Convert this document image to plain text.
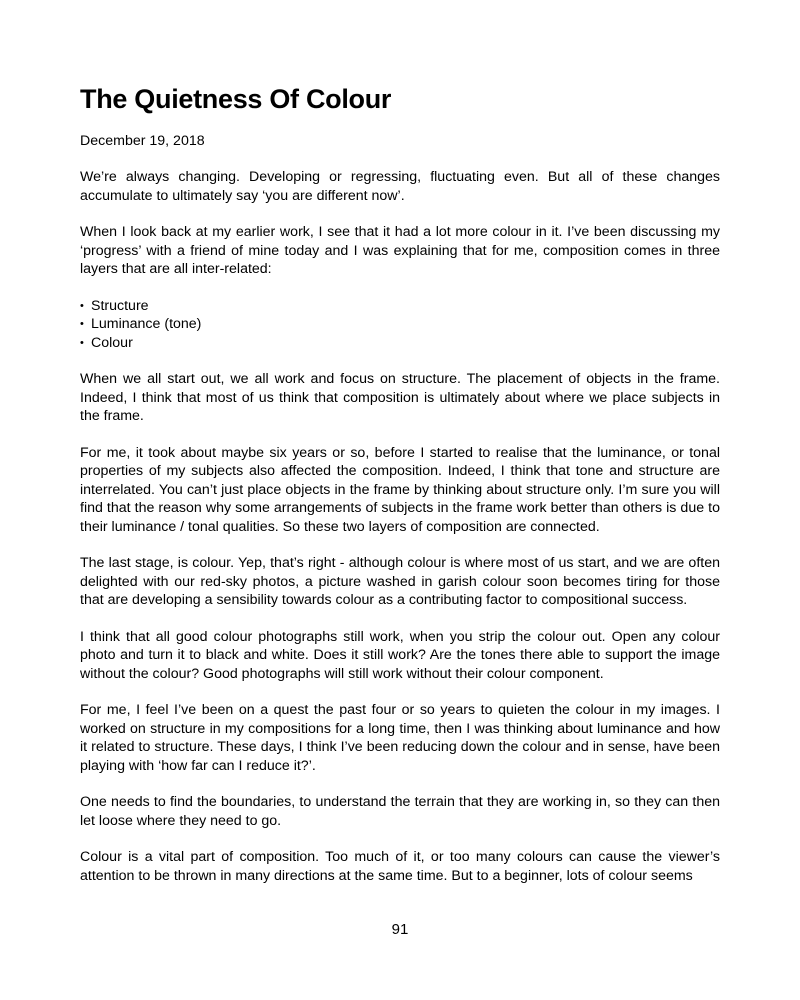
The Quietness Of Colour
December 19, 2018

We’re always changing. Developing or regressing, fluctuating even. But all of these changes accumulate to ultimately say ‘you are different now’.

When I look back at my earlier work, I see that it had a lot more colour in it. I’ve been discussing my ‘progress’ with a friend of mine today and I was explaining that for me, composition comes in three layers that are all inter-related:

• Structure
• Luminance (tone)
• Colour

When we all start out, we all work and focus on structure. The placement of objects in the frame. Indeed, I think that most of us think that composition is ultimately about where we place subjects in the frame.

For me, it took about maybe six years or so, before I started to realise that the luminance, or tonal properties of my subjects also affected the composition. Indeed, I think that tone and structure are interrelated. You can’t just place objects in the frame by thinking about structure only. I’m sure you will find that the reason why some arrangements of subjects in the frame work better than others is due to their luminance / tonal qualities. So these two layers of composition are connected.

The last stage, is colour. Yep, that’s right - although colour is where most of us start, and we are often delighted with our red-sky photos, a picture washed in garish colour soon becomes tiring for those that are developing a sensibility towards colour as a contributing factor to compositional success.

I think that all good colour photographs still work, when you strip the colour out. Open any colour photo and turn it to black and white. Does it still work? Are the tones there able to support the image without the colour? Good photographs will still work without their colour component.

For me, I feel I’ve been on a quest the past four or so years to quieten the colour in my images. I worked on structure in my compositions for a long time, then I was thinking about luminance and how it related to structure. These days, I think I’ve been reducing down the colour and in sense, have been playing with ‘how far can I reduce it?’.

One needs to find the boundaries, to understand the terrain that they are working in, so they can then let loose where they need to go.

Colour is a vital part of composition. Too much of it, or too many colours can cause the viewer’s attention to be thrown in many directions at the same time. But to a beginner, lots of colour seems

91
